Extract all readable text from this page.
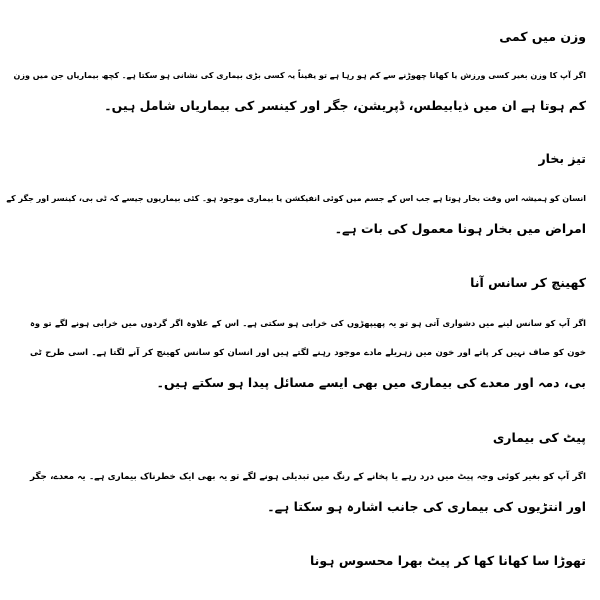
وزن میں کمی

اگر آپ کا وزن بغیر کسی ورزش یا کھانا چھوڑنے سے کم ہو رہا ہے تو یقیناً یہ کسی بڑی بیماری کی نشانی ہو سکتا ہے۔ کچھ بیماریاں جن میں وزن

کم ہوتا ہے ان میں ذیابیطس، ڈپریشن، جگر اور کینسر کی بیماریاں شامل ہیں۔

تیز بخار

انسان کو ہمیشہ اس وقت بخار ہوتا ہے جب اس کے جسم میں کوئی انفیکشن یا بیماری موجود ہو۔ کئی بیماریوں جیسے کہ ٹی بی، کینسر اور جگر کے

امراض میں بخار ہونا معمول کی بات ہے۔

کھینچ کر سانس آنا

اگر آپ کو سانس لینے میں دشواری آتی ہو تو یہ پھیپھڑوں کی خرابی ہو سکتی ہے۔ اس کے علاوہ اگر گردوں میں خرابی ہونے لگے تو وہ

خون کو صاف نہیں کر پاتے اور خون میں زہریلے مادے موجود رہنے لگتے ہیں اور انسان کو سانس کھینچ کر آنے لگتا ہے۔ اسی طرح ٹی

بی، دمہ اور معدے کی بیماری میں بھی ایسے مسائل پیدا ہو سکتے ہیں۔

پیٹ کی بیماری

اگر آپ کو بغیر کوئی وجہ پیٹ میں درد رہے یا پخانے کے رنگ میں تبدیلی ہونے لگے تو یہ بھی ایک خطرناک بیماری ہے۔ یہ معدے، جگر

اور انتڑیوں کی بیماری کی جانب اشارہ ہو سکتا ہے۔

تھوڑا سا کھانا کھا کر پیٹ بھرا محسوس ہونا
